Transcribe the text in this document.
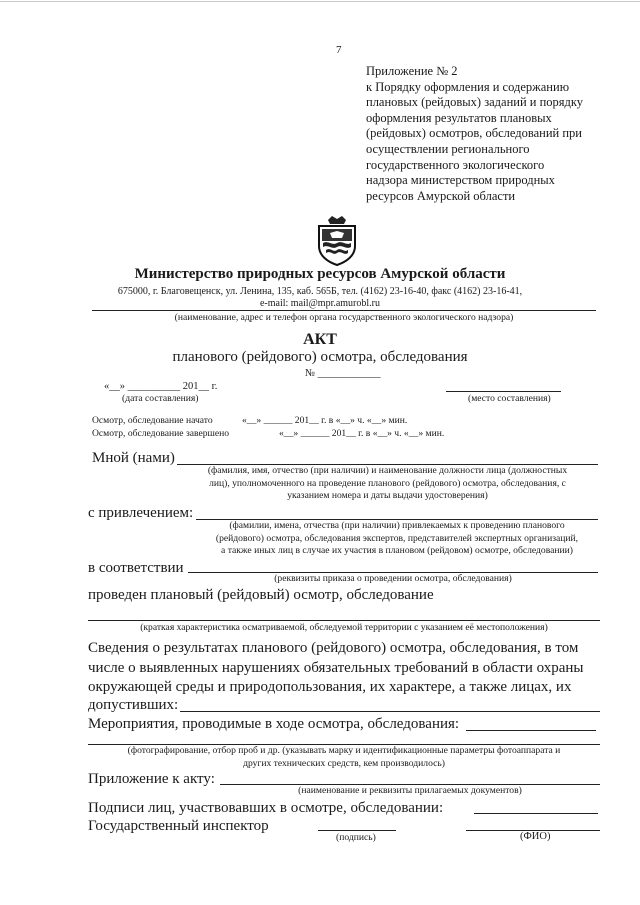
7
Приложение № 2
к Порядку оформления и содержанию
плановых (рейдовых) заданий и порядку
оформления результатов плановых
(рейдовых) осмотров, обследований при
осуществлении регионального
государственного экологического
надзора министерством природных
ресурсов Амурской области
Министерство природных ресурсов Амурской области
675000, г. Благовещенск, ул. Ленина, 135, каб. 565Б, тел. (4162) 23-16-40, факс (4162) 23-16-41,
e-mail: mail@mpr.amurobl.ru
(наименование, адрес и телефон органа государственного экологического надзора)
АКТ
планового (рейдового) осмотра, обследования
№ ____________
«__» __________ 201__ г.
(дата составления)	(место составления)
Осмотр, обследование начато	«__» ______ 201__ г. в «__» ч. «__» мин.
Осмотр, обследование завершено	«__» ______ 201__ г. в «__» ч. «__» мин.
Мной (нами)
(фамилия, имя, отчество (при наличии) и наименование должности лица (должностных
лиц), уполномоченного на проведение планового (рейдового) осмотра, обследования, с
указанием номера и даты выдачи удостоверения)
с привлечением:
(фамилии, имена, отчества (при наличии) привлекаемых к проведению планового
(рейдового) осмотра, обследования экспертов, представителей экспертных организаций,
а также иных лиц в случае их участия в плановом (рейдовом) осмотре, обследовании)
в соответствии
(реквизиты приказа о проведении осмотра, обследования)
проведен плановый (рейдовый) осмотр, обследование
(краткая характеристика осматриваемой, обследуемой территории с указанием её местоположения)
Сведения о результатах планового (рейдового) осмотра, обследования, в том
числе о выявленных нарушениях обязательных требований в области охраны
окружающей среды и природопользования, их характере, а также лицах, их
допустивших:
Мероприятия, проводимые в ходе осмотра, обследования:
(фотографирование, отбор проб и др. (указывать марку и идентификационные параметры фотоаппарата и
других технических средств, кем производилось)
Приложение к акту:
(наименование и реквизиты прилагаемых документов)
Подписи лиц, участвовавших в осмотре, обследовании:
Государственный инспектор
(подпись)	(ФИО)
